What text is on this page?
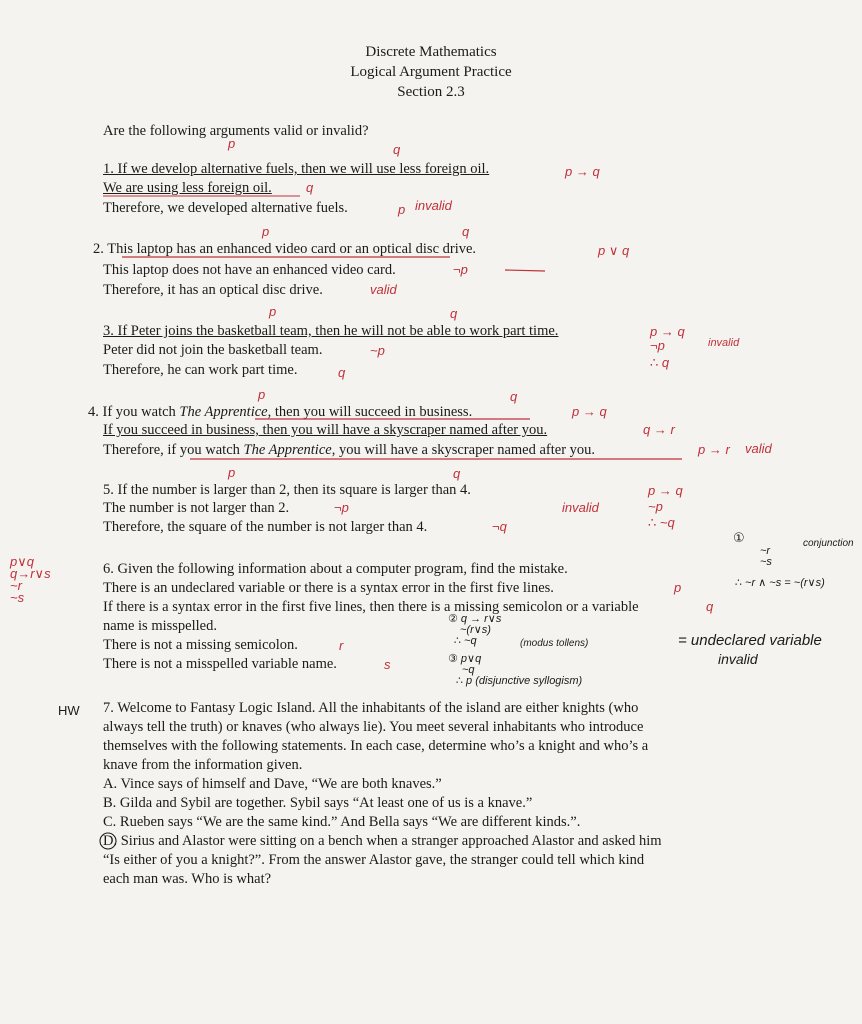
Discrete Mathematics
Logical Argument Practice
Section 2.3
Are the following arguments valid or invalid?
p	q
1. If we develop alternative fuels, then we will use less foreign oil.	p → q
We are using less foreign oil.	q
Therefore, we developed alternative fuels.	p invalid
p	q
2. This laptop has an enhanced video card or an optical disc drive.	p ∨ q
This laptop does not have an enhanced video card.	¬p
Therefore, it has an optical disc drive.	valid
p	q
3. If Peter joins the basketball team, then he will not be able to work part time.	p → q
¬p	invalid
Peter did not join the basketball team.	~p
∴ q
Therefore, he can work part time.	q
p	q
4. If you watch The Apprentice, then you will succeed in business.	p → q
If you succeed in business, then you will have a skyscraper named after you.	q → r
Therefore, if you watch The Apprentice, you will have a skyscraper named after you.	p → r valid
p	q
5. If the number is larger than 2, then its square is larger than 4.	p → q
The number is not larger than 2.	¬p	invalid	~p
Therefore, the square of the number is not larger than 4.	¬q	∴ ~q
p∨q
q→r∨s
~r
~s
①	conjunction
~r
~s
∴ ~r ∧ ~s = ~(r∨s)
6. Given the following information about a computer program, find the mistake.
There is an undeclared variable or there is a syntax error in the first five lines.	p
If there is a syntax error in the first five lines, then there is a missing semicolon or a variable	q
name is misspelled.	② q → r∨s
~(r∨s)
∴ ~q	(modus tollens)
There is not a missing semicolon.	r	= undeclared variable
invalid
There is not a misspelled variable name.	s	③ p∨q
~q
∴ p (disjunctive syllogism)
HW 7. Welcome to Fantasy Logic Island. All the inhabitants of the island are either knights (who
always tell the truth) or knaves (who always lie). You meet several inhabitants who introduce
themselves with the following statements. In each case, determine who’s a knight and who’s a
knave from the information given.
A. Vince says of himself and Dave, “We are both knaves.”
B. Gilda and Sybil are together. Sybil says “At least one of us is a knave.”
C. Rueben says “We are the same kind.” And Bella says “We are different kinds.”.
D. Sirius and Alastor were sitting on a bench when a stranger approached Alastor and asked him
“Is either of you a knight?”. From the answer Alastor gave, the stranger could tell which kind
each man was. Who is what?
